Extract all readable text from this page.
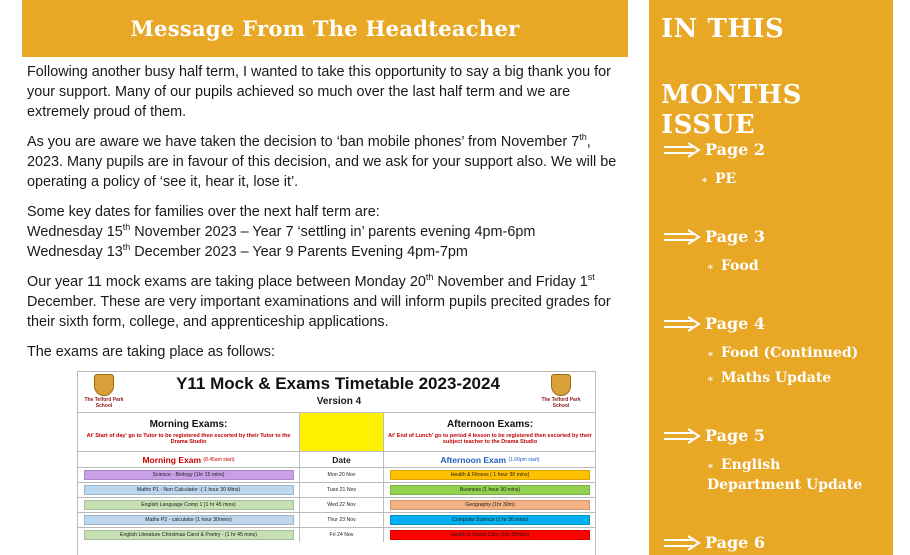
Message From The Headteacher

Following another busy half term, I wanted to take this opportunity to say a big thank you for your support. Many of our pupils achieved so much over the last half term and we are extremely proud of them.

As you are aware we have taken the decision to ‘ban mobile phones’ from November 7th, 2023. Many pupils are in favour of this decision, and we ask for your support also. We will be operating a policy of ‘see it, hear it, lose it’.

Some key dates for families over the next half term are:

Wednesday 15th November 2023 – Year 7 ‘settling in’ parents evening 4pm-6pm

Wednesday 13th December 2023 – Year 9 Parents Evening 4pm-7pm

Our year 11 mock exams are taking place between Monday 20th November and Friday 1st December. These are very important examinations and will inform pupils precited grades for their sixth form, college, and apprenticeship applications.

The exams are taking place as follows:

The Telford Park School
Y11 Mock & Exams Timetable 2023-2024
Version 4	The Telford Park School
Morning Exams:
At' Start of day' go to Tutor to be registered then escorted by their Tutor to the Drama Studio
Afternoon Exams:
At' End of Lunch' go to period 4 lesson to be registered then escorted by their subject teacher to the Drama Studio
Morning Exam
(8.45am start)	Date	Afternoon Exam
(1.00pm start)
Science - Biology (1hr 15 mins)	Mon 20 Nov	Health & Fitness ( 1 hour 30 mins)
Maths P1 - Non Calculator -( 1 hour 30 Mins)	Tues 21 Nov	Business (1 hour 30 mins)
English Language Comp 1 (1 hr 45 mins)	Wed 22 Nov	Geography (1hr 30m)
Maths P2 - calculator (1 hour 30mins)	Thur 23 Nov	Computer Science (1 hr 30 mins)
English Literature Christmas Carol & Poetry - (1 hr 45 mins)	Fri 24 Nov	Health & Social Care (1hr 30mins)
IN THIS
MONTHS ISSUE
Page 2
∗ PE
Page 3
∗ Food
Page 4
∗ Food (Continued)
∗ Maths Update
Page 5
∗ English Department Update
Page 6
